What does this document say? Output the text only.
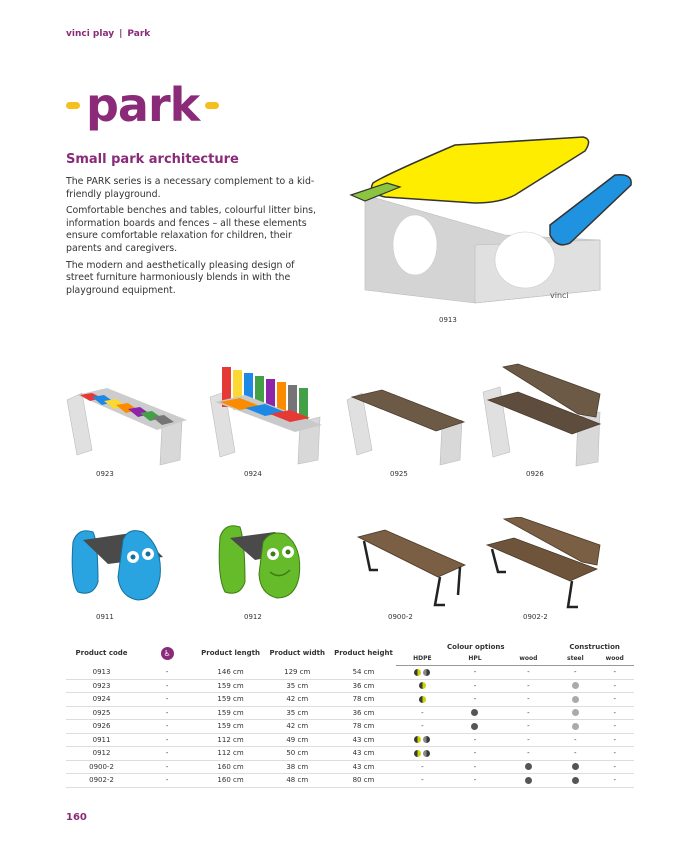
vinci play | Park
park
Small park architecture

The PARK series is a necessary complement to a kid-friendly playground.

Comfortable benches and tables, colourful litter bins, information boards and fences – all these elements ensure comfortable relaxation for children, their parents and caregivers.

The modern and aesthetically pleasing design of street furniture harmoniously blends in with the playground equipment.	vinci
0913
0923	0924	0925	0926
0911	0912	0900-2	0902-2
Product code	♿	Product length	Product width	Product height	Colour options			Construction	
					HDPE	HPL	wood	steel	wood
0913	-	146 cm	129 cm	54 cm		-	-	-	-
0923	-	159 cm	35 cm	36 cm		-	-		-
0924	-	159 cm	42 cm	78 cm		-	-		-
0925	-	159 cm	35 cm	36 cm	-		-		-
0926	-	159 cm	42 cm	78 cm	-		-		-
0911	-	112 cm	49 cm	43 cm		-	-	-	-
0912	-	112 cm	50 cm	43 cm		-	-	-	-
0900-2	-	160 cm	38 cm	43 cm	-	-			-
0902-2	-	160 cm	48 cm	80 cm	-	-			-
160
